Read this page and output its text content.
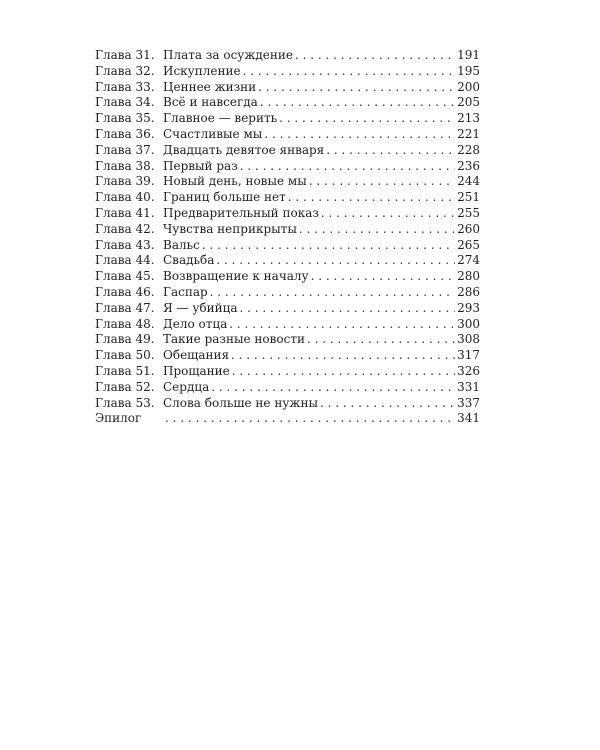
Глава 31. Плата за осуждение . . .	191
Глава 32. Искупление . . .	195
Глава 33. Ценнее жизни . . .	200
Глава 34. Всё и навсегда . . .	205
Глава 35. Главное — верить . . .	213
Глава 36. Счастливые мы . . .	221
Глава 37. Двадцать девятое января . . .	228
Глава 38. Первый раз . . .	236
Глава 39. Новый день, новые мы . . .	244
Глава 40. Границ больше нет . . .	251
Глава 41. Предварительный показ . . .	255
Глава 42. Чувства неприкрыты . . .	260
Глава 43. Вальс . . .	265
Глава 44. Свадьба . . .	274
Глава 45. Возвращение к началу . . .	280
Глава 46. Гаспар . . .	286
Глава 47. Я — убийца . . .	293
Глава 48. Дело отца . . .	300
Глава 49. Такие разные новости . . .	308
Глава 50. Обещания . . .	317
Глава 51. Прощание . . .	326
Глава 52. Сердца . . .	331
Глава 53. Слова больше не нужны . . .	337
Эпилог . . .	341
